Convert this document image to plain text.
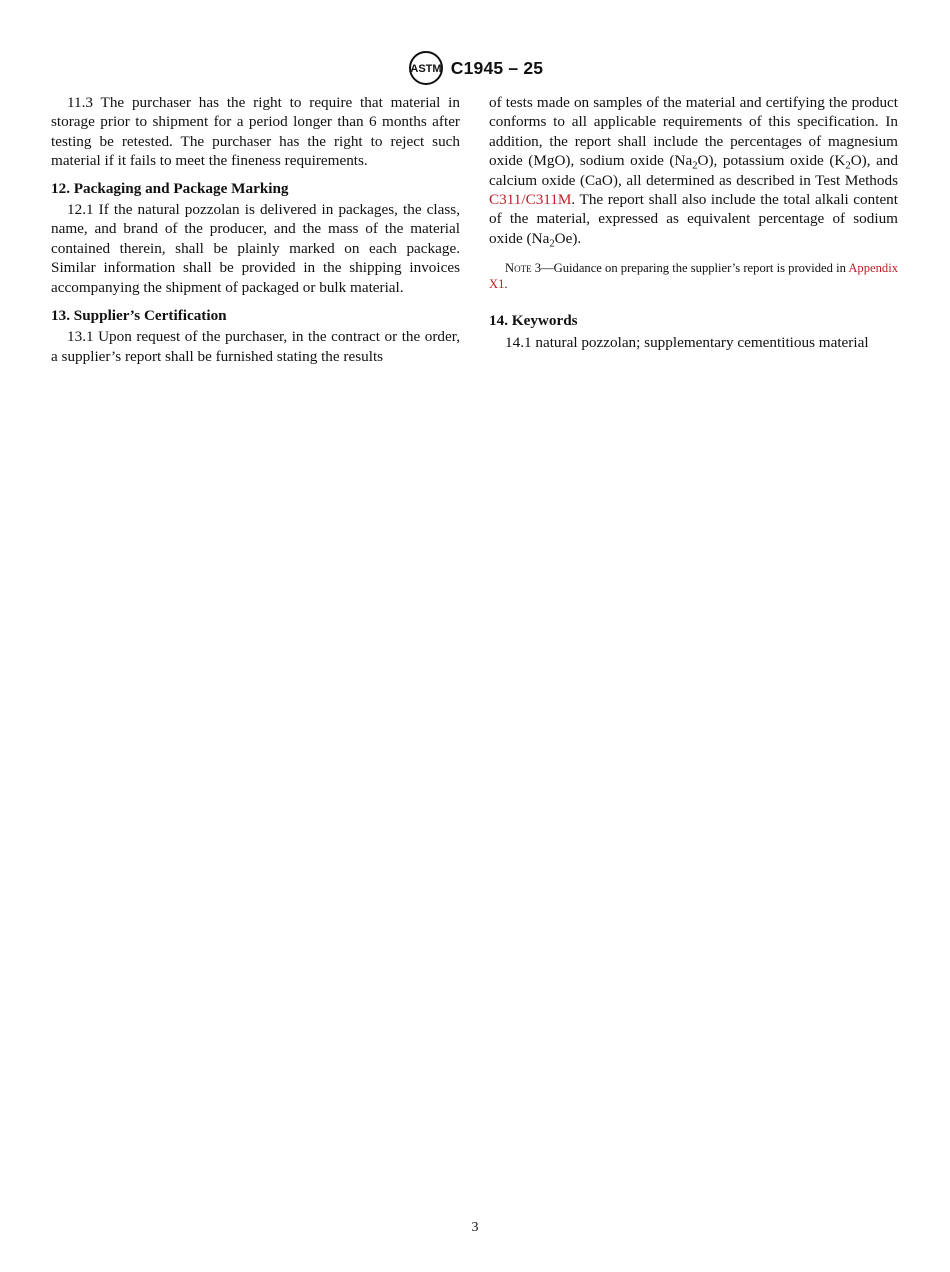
ASTM C1945 – 25

11.3 The purchaser has the right to require that material in storage prior to shipment for a period longer than 6 months after testing be retested. The purchaser has the right to reject such material if it fails to meet the fineness requirements.

12. Packaging and Package Marking

12.1 If the natural pozzolan is delivered in packages, the class, name, and brand of the producer, and the mass of the material contained therein, shall be plainly marked on each package. Similar information shall be provided in the shipping invoices accompanying the shipment of packaged or bulk material.

13. Supplier’s Certification

13.1 Upon request of the purchaser, in the contract or the order, a supplier’s report shall be furnished stating the results

of tests made on samples of the material and certifying the product conforms to all applicable requirements of this specification. In addition, the report shall include the percentages of magnesium oxide (MgO), sodium oxide $(Na_2O)$, potassium oxide $(K_2O)$, and calcium oxide (CaO), all determined as described in Test Methods C311/C311M. The report shall also include the total alkali content of the material, expressed as equivalent percentage of sodium oxide $(Na_2Oe)$.

Note 3—Guidance on preparing the supplier’s report is provided in Appendix X1.
14. Keywords

14.1 natural pozzolan; supplementary cementitious material

3
